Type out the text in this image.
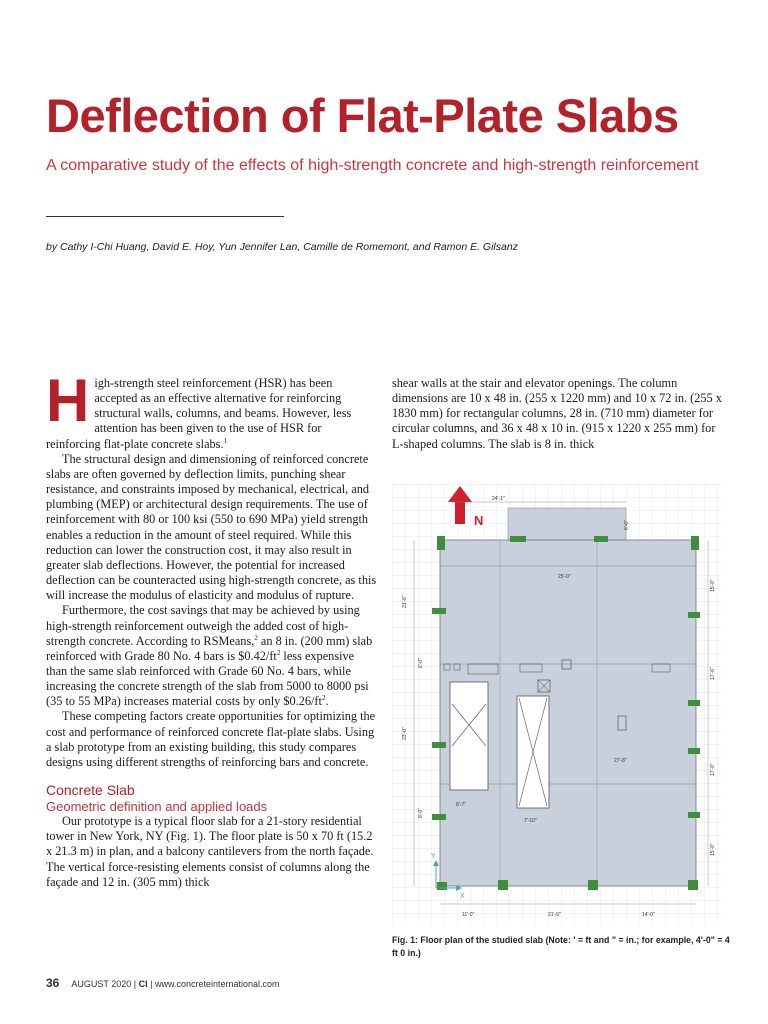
Deflection of Flat-Plate Slabs
A comparative study of the effects of high-strength concrete and high-strength reinforcement
by Cathy I-Chi Huang, David E. Hoy, Yun Jennifer Lan, Camille de Romemont, and Ramon E. Gilsanz

High-strength steel reinforcement (HSR) has been accepted as an effective alternative for reinforcing structural walls, columns, and beams. However, less attention has been given to the use of HSR for reinforcing flat-plate concrete slabs.$^1$

The structural design and dimensioning of reinforced concrete slabs are often governed by deflection limits, punching shear resistance, and constraints imposed by mechanical, electrical, and plumbing (MEP) or architectural design requirements. The use of reinforcement with 80 or 100 ksi (550 to 690 MPa) yield strength enables a reduction in the amount of steel required. While this reduction can lower the construction cost, it may also result in greater slab deflections. However, the potential for increased deflection can be counteracted using high-strength concrete, as this will increase the modulus of elasticity and modulus of rupture.

Furthermore, the cost savings that may be achieved by using high-strength reinforcement outweigh the added cost of high-strength concrete. According to RSMeans,$^2$ an 8 in. (200 mm) slab reinforced with Grade 80 No. 4 bars is $\$0.42/ft^2$ less expensive than the same slab reinforced with Grade 60 No. 4 bars, while increasing the concrete strength of the slab from 5000 to 8000 psi (35 to 55 MPa) increases material costs by only $\$0.26/ft^2$.

These competing factors create opportunities for optimizing the cost and performance of reinforced concrete flat-plate slabs. Using a slab prototype from an existing building, this study compares designs using different strengths of reinforcing bars and concrete.

Concrete Slab
Geometric definition and applied loads

Our prototype is a typical floor slab for a 21-story residential tower in New York, NY (Fig. 1). The floor plate is 50 x 70 ft (15.2 x 21.3 m) in plan, and a balcony cantilevers from the north façade. The vertical force-resisting elements consist of columns along the façade and 12 in. (305 mm) thick

shear walls at the stair and elevator openings. The column dimensions are 10 x 48 in. (255 x 1220 mm) and 10 x 72 in. (255 x 1830 mm) for rectangular columns, 28 in. (710 mm) diameter for circular columns, and 36 x 48 x 10 in. (915 x 1220 x 255 mm) for L-shaped columns. The slab is 8 in. thick

N
24'-1"
25'-0"
6'-0"
21'-6"
6'-0"
23'-0"
8'-0"
15'-0"
17'-6"
17'-0"
15'-0"
11'-0"	21'-9"	14'-0"
27'-8"
8'-7"
7'-10"
Y
X
Fig. 1: Floor plan of the studied slab (Note: ' = ft and " = in.; for example, 4'-0" = 4 ft 0 in.)
36 AUGUST 2020 | CI | www.concreteinternational.com
